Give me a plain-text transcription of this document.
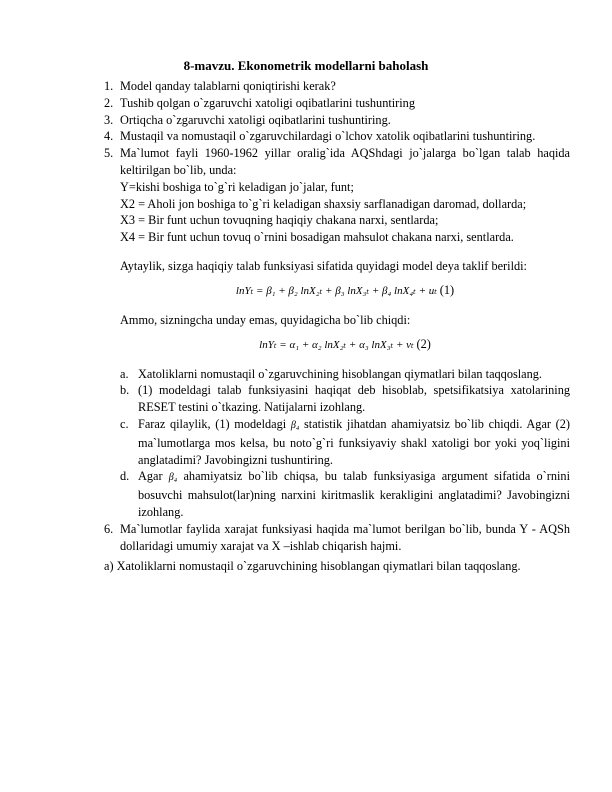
8-mavzu. Ekonometrik modellarni baholash
1. Model qanday talablarni qoniqtirishi kerak?
2. Tushib qolgan o`zgaruvchi xatoligi oqibatlarini tushuntiring
3. Ortiqcha o`zgaruvchi xatoligi oqibatlarini tushuntiring.
4. Mustaqil va nomustaqil o`zgaruvchilardagi o`lchov xatolik oqibatlarini tushuntiring.
5. Ma`lumot fayli 1960-1962 yillar oralig`ida AQShdagi jo`jalarga bo`lgan talab haqida keltirilgan bo`lib, unda:
Y=kishi boshiga to`g`ri keladigan jo`jalar, funt;
X2 = Aholi jon boshiga to`g`ri keladigan shaxsiy sarflanadigan daromad, dollarda;
X3 = Bir funt uchun tovuqning haqiqiy chakana narxi, sentlarda;
X4 = Bir funt uchun tovuq o`rnini bosadigan mahsulot chakana narxi, sentlarda.
Aytaylik, sizga haqiqiy talab funksiyasi sifatida quyidagi model deya taklif berildi:
lnYₜ = β₁ + β₂ lnX₂ₜ + β₃ lnX₃ₜ + β₄ lnX₄ₜ + uₜ (1)
Ammo, sizningcha unday emas, quyidagicha bo`lib chiqdi:
lnYₜ = α₁ + α₂ lnX₂ₜ + α₃ lnX₃ₜ + vₜ (2)
a. Xatoliklarni nomustaqil o`zgaruvchining hisoblangan qiymatlari bilan taqqoslang.
b. (1) modeldagi talab funksiyasini haqiqat deb hisoblab, spetsifikatsiya xatolarining RESET testini o`tkazing. Natijalarni izohlang.
c. Faraz qilaylik, (1) modeldagi β₄ statistik jihatdan ahamiyatsiz bo`lib chiqdi. Agar (2) ma`lumotlarga mos kelsa, bu noto`g`ri funksiyaviy shakl xatoligi bor yoki yoq`ligini anglatadimi? Javobingizni tushuntiring.
d. Agar β₄ ahamiyatsiz bo`lib chiqsa, bu talab funksiyasiga argument sifatida o`rnini bosuvchi mahsulot(lar)ning narxini kiritmaslik kerakligini anglatadimi? Javobingizni izohlang.
6. Ma`lumotlar faylida xarajat funksiyasi haqida ma`lumot berilgan bo`lib, bunda Y - AQSh dollaridagi umumiy xarajat va X –ishlab chiqarish hajmi.
a) Xatoliklarni nomustaqil o`zgaruvchining hisoblangan qiymatlari bilan taqqoslang.
